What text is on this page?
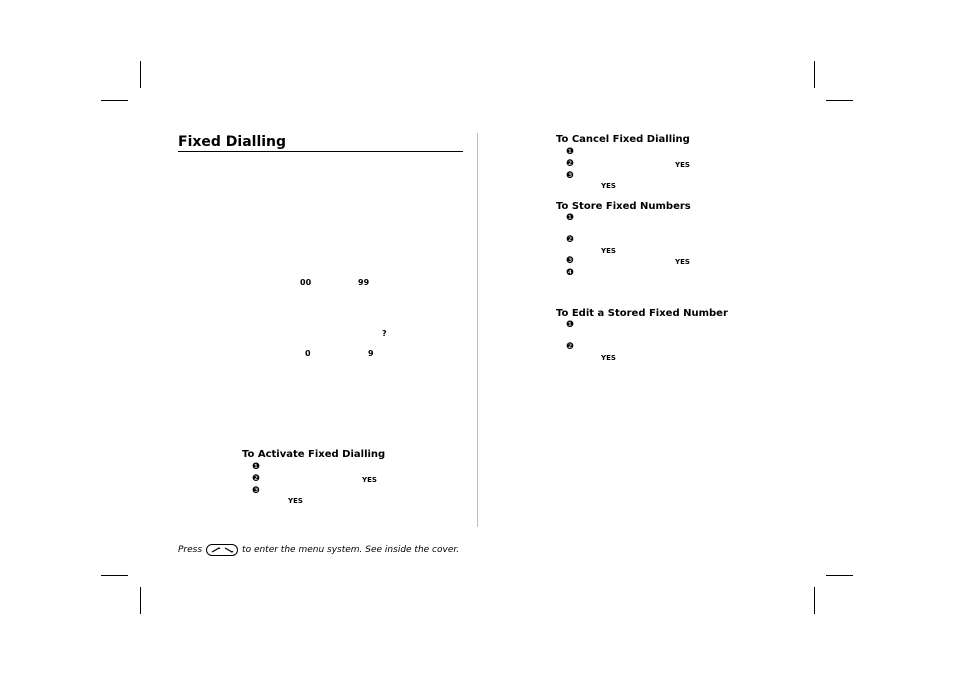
Fixed Dialling
00	99
?
0	9
To Activate Fixed Dialling
❶
❷	YES
❸
YES
To Cancel Fixed Dialling
❶
❷	YES
❸
YES
To Store Fixed Numbers
❶
❷
YES
❸	YES
❹
To Edit a Stored Fixed Number
❶
❷
YES
Press	to enter the menu system. See inside the cover.
